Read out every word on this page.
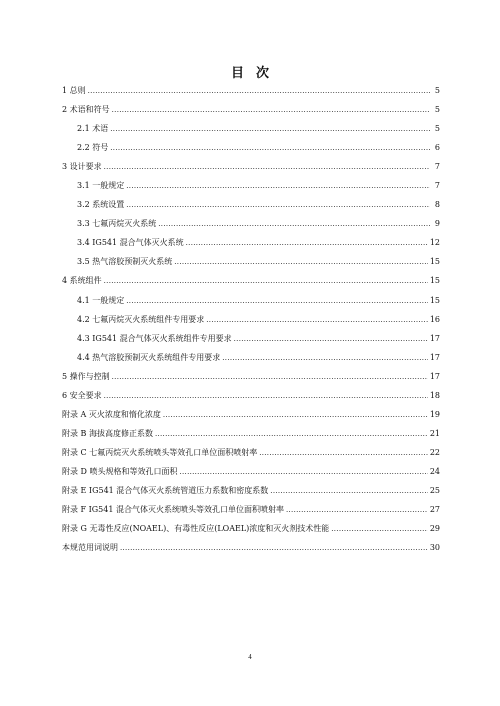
目 次
1 总则 .....	5
2 术语和符号 .....	5
2.1 术语 .....	5
2.2 符号 .....	6
3 设计要求 .....	7
3.1 一般规定 .....	7
3.2 系统设置 .....	8
3.3 七氟丙烷灭火系统 .....	9
3.4 IG541 混合气体灭火系统 .....	12
3.5 热气溶胶预制灭火系统 .....	15
4 系统组件 .....	15
4.1 一般规定 .....	15
4.2 七氟丙烷灭火系统组件专用要求 .....	16
4.3 IG541 混合气体灭火系统组件专用要求 .....	17
4.4 热气溶胶预制灭火系统组件专用要求 .....	17
5 操作与控制 .....	17
6 安全要求 .....	18
附录 A 灭火浓度和惰化浓度 .....	19
附录 B 海拔高度修正系数 .....	21
附录 C 七氟丙烷灭火系统喷头等效孔口单位面积喷射率 .....	22
附录 D 喷头规格和等效孔口面积 .....	24
附录 E IG541 混合气体灭火系统管道压力系数和密度系数 .....	25
附录 F IG541 混合气体灭火系统喷头等效孔口单位面积喷射率 .....	27
附录 G 无毒性反应(NOAEL)、有毒性反应(LOAEL)浓度和灭火剂技术性能 .....	29
本规范用词说明 .....	30
4
